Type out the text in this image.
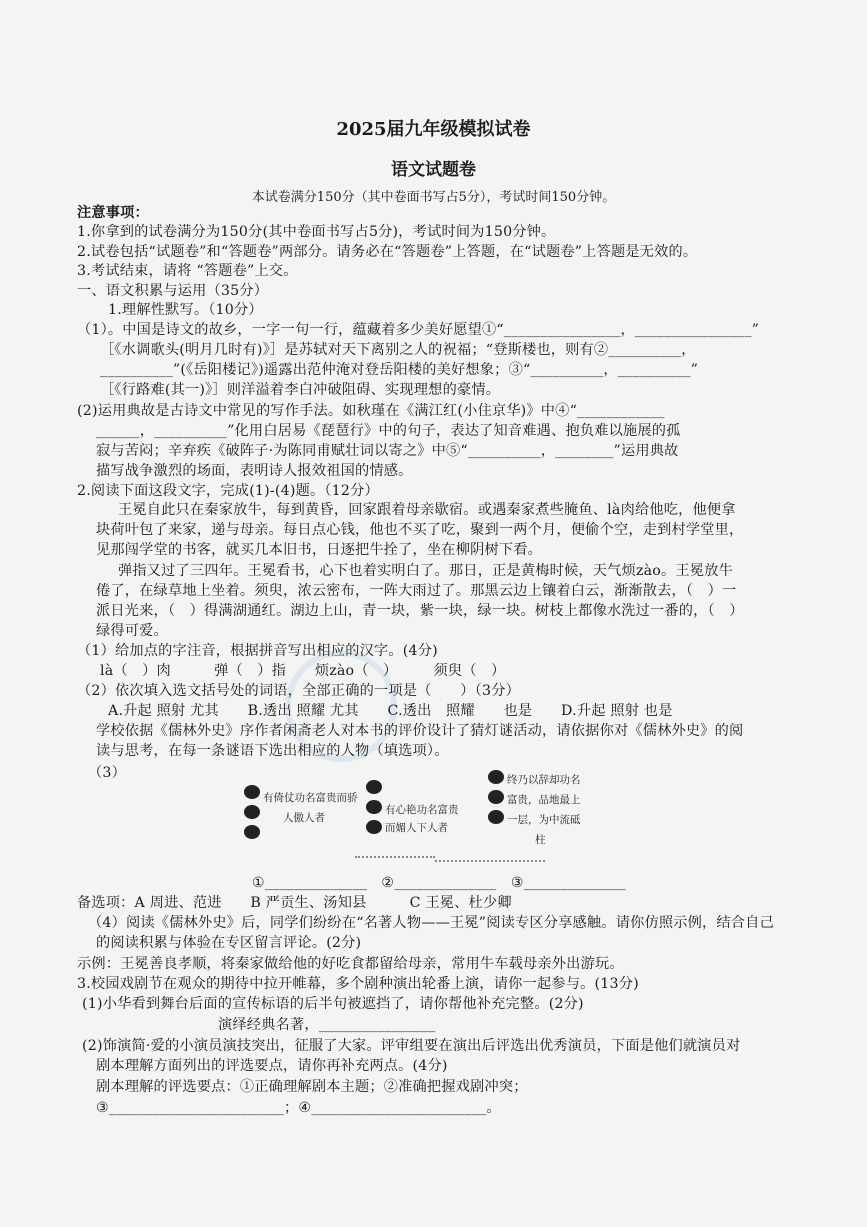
2025届九年级模拟试卷
语文试题卷
本试卷满分150分（其中卷面书写占5分），考试时间150分钟。
注意事项：
1.你拿到的试卷满分为150分(其中卷面书写占5分)，考试时间为150分钟。
2.试卷包括“试题卷”和“答题卷”两部分。请务必在“答题卷”上答题，在“试题卷”上答题是无效的。
3.考试结束，请将 “答题卷”上交。
一、语文积累与运用（35分）
1.理解性默写。（10分）
（1）。中国是诗文的故乡，一字一句一行，蕴藏着多少美好愿望①“________________，________________”
［《水调歌头(明月几时有)》］是苏轼对天下离别之人的祝福；“登斯楼也，则有②__________，
__________”(《岳阳楼记》)遥露出范仲淹对登岳阳楼的美好想象；③“__________，__________”
［《行路难(其一)》］则洋溢着李白冲破阻碍、实现理想的豪情。
(2)运用典故是古诗文中常见的写作手法。如秋瑾在《满江红(小住京华)》中④“____________
______，__________”化用白居易《琵琶行》中的句子，表达了知音难遇、抱负难以施展的孤
寂与苦闷；辛弃疾《破阵子·为陈同甫赋壮词以寄之》中⑤“__________，________”运用典故
描写战争激烈的场面，表明诗人报效祖国的情感。
2.阅读下面这段文字，完成(1)-(4)题。（12分）
王冕自此只在秦家放牛，每到黄昏，回家跟着母亲歇宿。或遇秦家煮些腌鱼、là肉给他吃，他便拿
块荷叶包了来家，递与母亲。每日点心钱，他也不买了吃，聚到一两个月，便偷个空，走到村学堂里，
见那闯学堂的书客，就买几本旧书，日逐把牛拴了，坐在柳阴树下看。
弹指又过了三四年。王冕看书，心下也着实明白了。那日，正是黄梅时候，天气烦zào。王冕放牛
倦了，在绿草地上坐着。须臾，浓云密布，一阵大雨过了。那黑云边上镶着白云，渐渐散去，（　）一
派日光来，（　）得满湖通红。湖边上山，青一块，紫一块，绿一块。树枝上都像水洗过一番的，（　）
绿得可爱。
（1）给加点的字注音，根据拼音写出相应的汉字。(4分)
là（　）肉　　　弹（　）指　　烦zào（　）　　　须臾（　）
（2）依次填入选文括号处的词语，全部正确的一项是（　　）（3分）
A.升起 照射 尤其　　B.透出 照耀 尤其　　C.透出　照耀　　也是　　D.升起 照射 也是
学校依据《儒林外史》序作者闲斋老人对本书的评价设计了猜灯谜活动，请依据你对《儒林外史》的阅
读与思考，在每一条谜语下选出相应的人物（填选项）。
（3）
有倚仗功名富贵而骄
人傲人者
有心艳功名富贵
而媚人下人者
终乃以辞却功名
富贵，品地最上
一层，为中流砥
柱
①______________　②______________　③______________
备选项：A 周进、范进　　B 严贡生、汤知县　　　C 王冕、杜少卿
（4）阅读《儒林外史》后，同学们纷纷在“名著人物——王冕”阅读专区分享感触。请你仿照示例，结合自己
的阅读积累与体验在专区留言评论。(2分)
示例：王冕善良孝顺，将秦家做给他的好吃食都留给母亲，常用牛车载母亲外出游玩。
3.校园戏剧节在观众的期待中拉开帷幕，多个剧种演出轮番上演，请你一起参与。(13分)
(1)小华看到舞台后面的宣传标语的后半句被遮挡了，请你帮他补充完整。(2分)
演绎经典名著，________________
(2)饰演简·爱的小演员演技突出，征服了大家。评审组要在演出后评选出优秀演员，下面是他们就演员对
剧本理解方面列出的评选要点，请你再补充两点。(4分)
剧本理解的评选要点：①正确理解剧本主题；②准确把握戏剧冲突；
③________________________；④________________________。
